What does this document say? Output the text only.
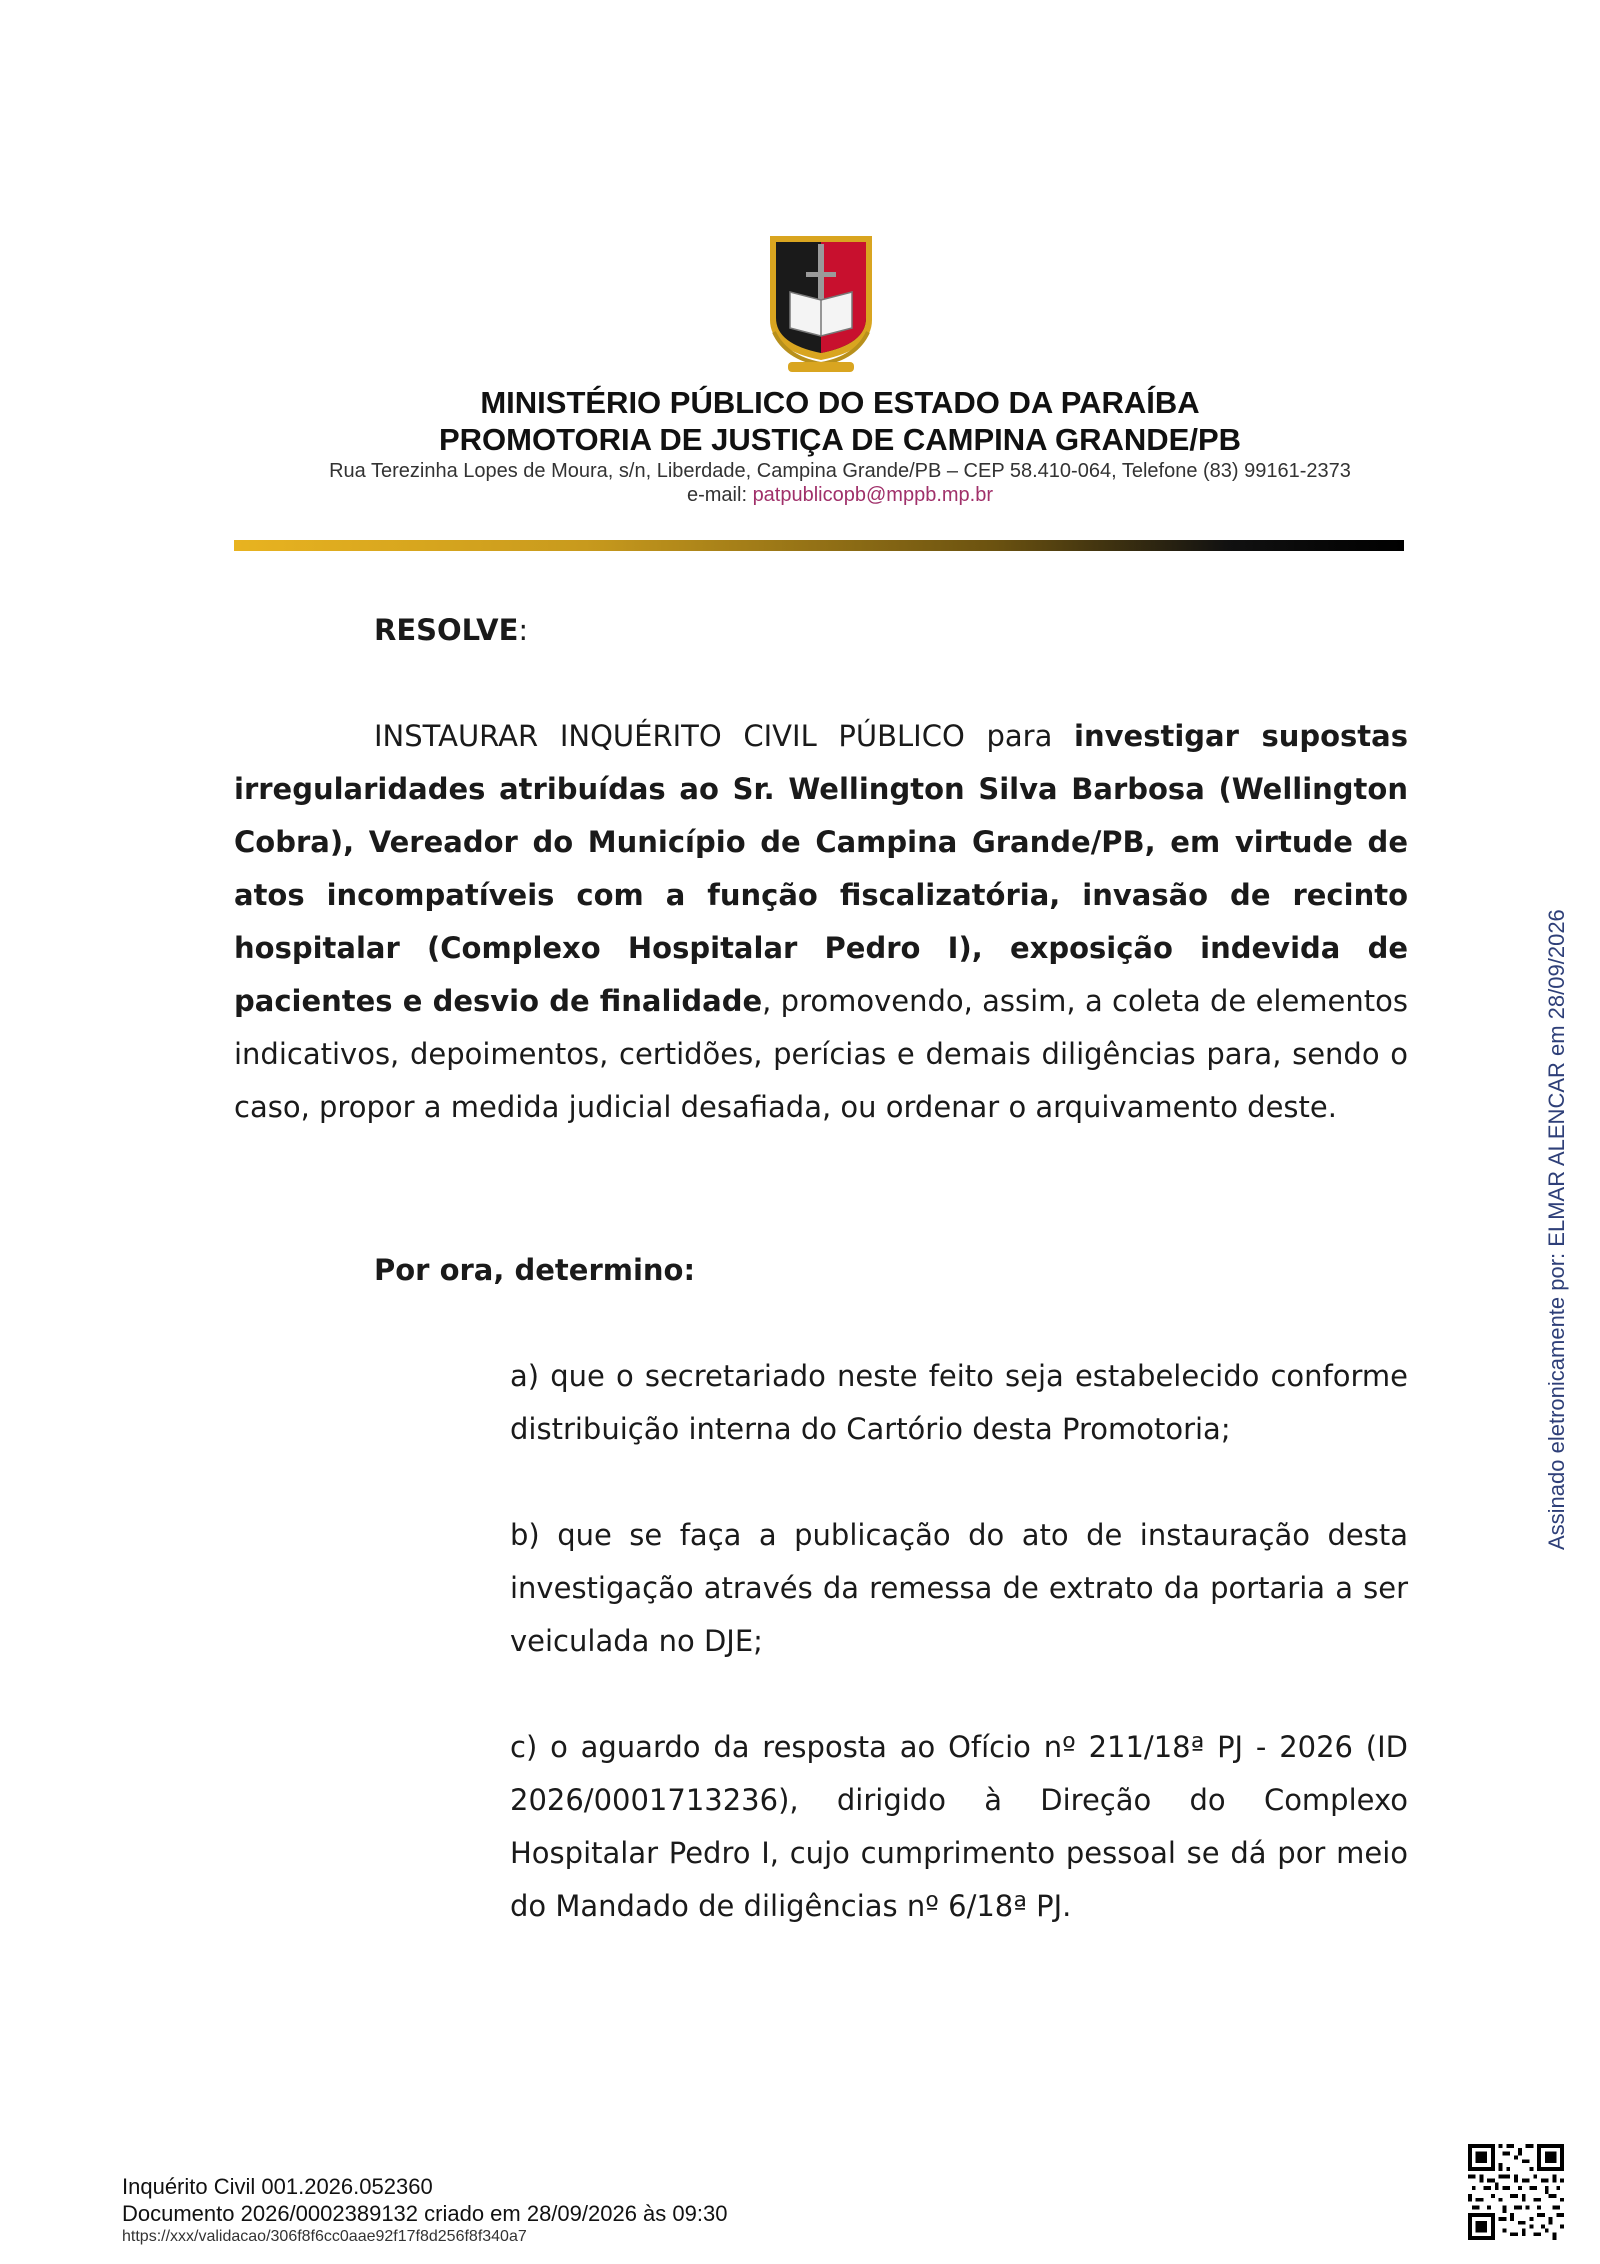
MINISTÉRIO PÚBLICO DO ESTADO DA PARAÍBA
PROMOTORIA DE JUSTIÇA DE CAMPINA GRANDE/PB
Rua Terezinha Lopes de Moura, s/n, Liberdade, Campina Grande/PB – CEP 58.410-064, Telefone (83) 99161-2373
e-mail: patpublicopb@mppb.mp.br
RESOLVE:
INSTAURAR INQUÉRITO CIVIL PÚBLICO para investigar supostas irregularidades atribuídas ao Sr. Wellington Silva Barbosa (Wellington Cobra), Vereador do Município de Campina Grande/PB, em virtude de atos incompatíveis com a função fiscalizatória, invasão de recinto hospitalar (Complexo Hospitalar Pedro I), exposição indevida de pacientes e desvio de finalidade, promovendo, assim, a coleta de elementos indicativos, depoimentos, certidões, perícias e demais diligências para, sendo o caso, propor a medida judicial desafiada, ou ordenar o arquivamento deste.
Por ora, determino:
a) que o secretariado neste feito seja estabelecido conforme distribuição interna do Cartório desta Promotoria;
b) que se faça a publicação do ato de instauração desta investigação através da remessa de extrato da portaria a ser veiculada no DJE;
c) o aguardo da resposta ao Ofício nº 211/18ª PJ - 2026 (ID 2026/0001713236), dirigido à Direção do Complexo Hospitalar Pedro I, cujo cumprimento pessoal se dá por meio do Mandado de diligências nº 6/18ª PJ.
Assinado eletronicamente por: ELMAR ALENCAR em 28/09/2026
Inquérito Civil 001.2026.052360
Documento 2026/0002389132 criado em 28/09/2026 às 09:30
https://xxx/validacao/306f8f6cc0aae92f17f8d256f8f340a7
